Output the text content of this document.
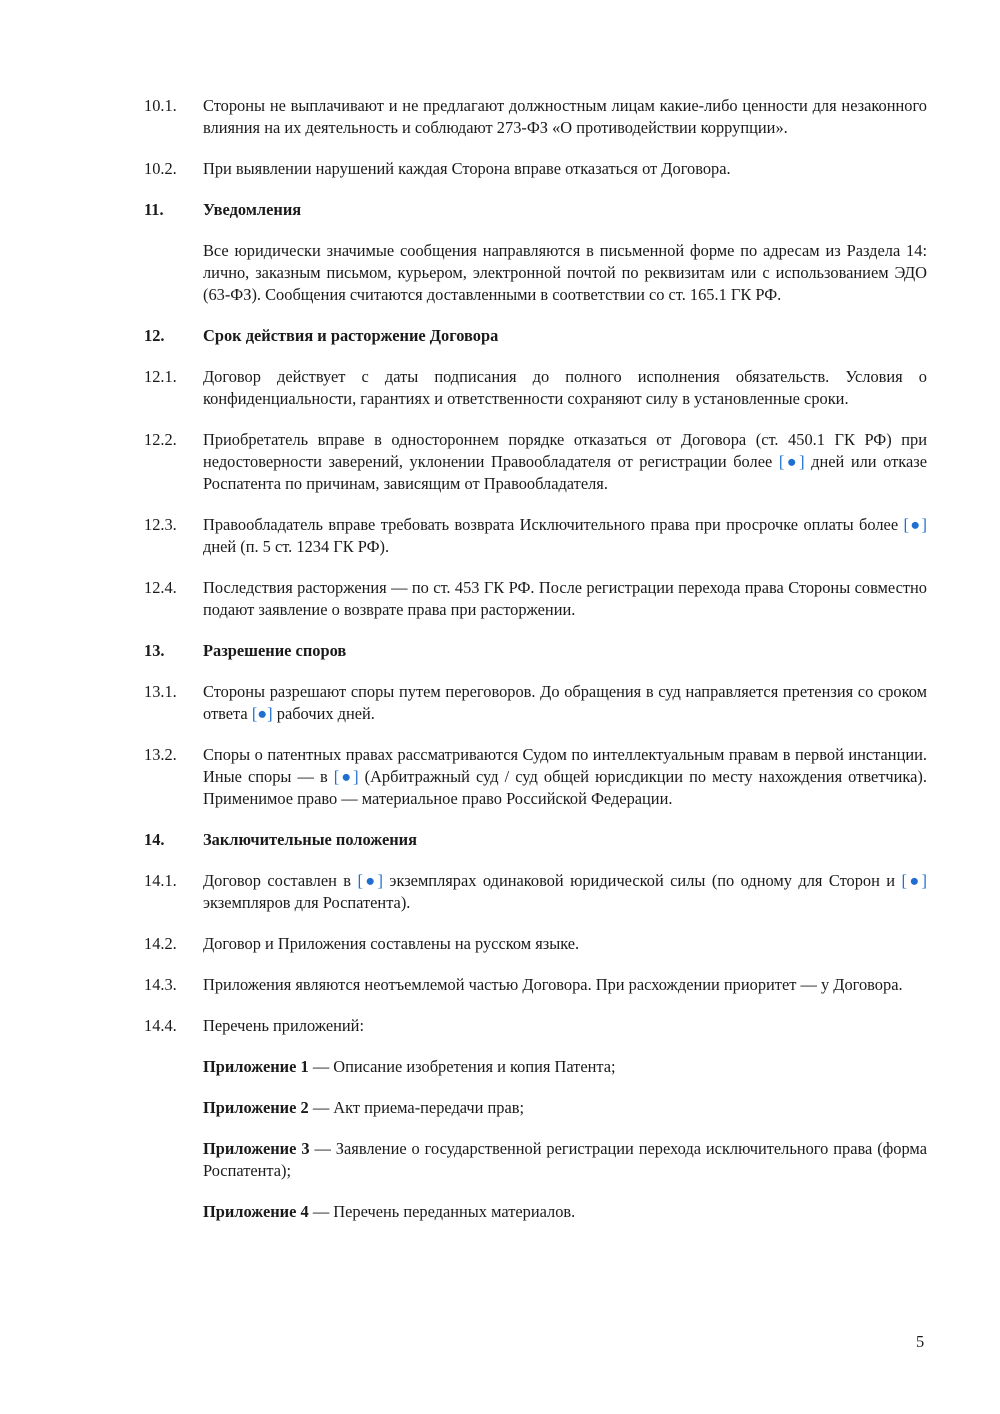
10.1.	Стороны не выплачивают и не предлагают должностным лицам какие-либо ценности для незаконного влияния на их деятельность и соблюдают 273-ФЗ «О противодействии коррупции».
10.2.	При выявлении нарушений каждая Сторона вправе отказаться от Договора.
11.	Уведомления
Все юридически значимые сообщения направляются в письменной форме по адресам из Раздела 14: лично, заказным письмом, курьером, электронной почтой по реквизитам или с использованием ЭДО (63-ФЗ). Сообщения считаются доставленными в соответствии со ст. 165.1 ГК РФ.
12.	Срок действия и расторжение Договора
12.1.	Договор действует с даты подписания до полного исполнения обязательств. Условия о конфиденциальности, гарантиях и ответственности сохраняют силу в установленные сроки.
12.2.	Приобретатель вправе в одностороннем порядке отказаться от Договора (ст. 450.1 ГК РФ) при недостоверности заверений, уклонении Правообладателя от регистрации более [●] дней или отказе Роспатента по причинам, зависящим от Правообладателя.
12.3.	Правообладатель вправе требовать возврата Исключительного права при просрочке оплаты более [●] дней (п. 5 ст. 1234 ГК РФ).
12.4.	Последствия расторжения — по ст. 453 ГК РФ. После регистрации перехода права Стороны совместно подают заявление о возврате права при расторжении.
13.	Разрешение споров
13.1.	Стороны разрешают споры путем переговоров. До обращения в суд направляется претензия со сроком ответа [●] рабочих дней.
13.2.	Споры о патентных правах рассматриваются Судом по интеллектуальным правам в первой инстанции. Иные споры — в [●] (Арбитражный суд / суд общей юрисдикции по месту нахождения ответчика). Применимое право — материальное право Российской Федерации.
14.	Заключительные положения
14.1.	Договор составлен в [●] экземплярах одинаковой юридической силы (по одному для Сторон и [●] экземпляров для Роспатента).
14.2.	Договор и Приложения составлены на русском языке.
14.3.	Приложения являются неотъемлемой частью Договора. При расхождении приоритет — у Договора.
14.4.	Перечень приложений:
Приложение 1 — Описание изобретения и копия Патента;
Приложение 2 — Акт приема-передачи прав;
Приложение 3 — Заявление о государственной регистрации перехода исключительного права (форма Роспатента);
Приложение 4 — Перечень переданных материалов.
5
